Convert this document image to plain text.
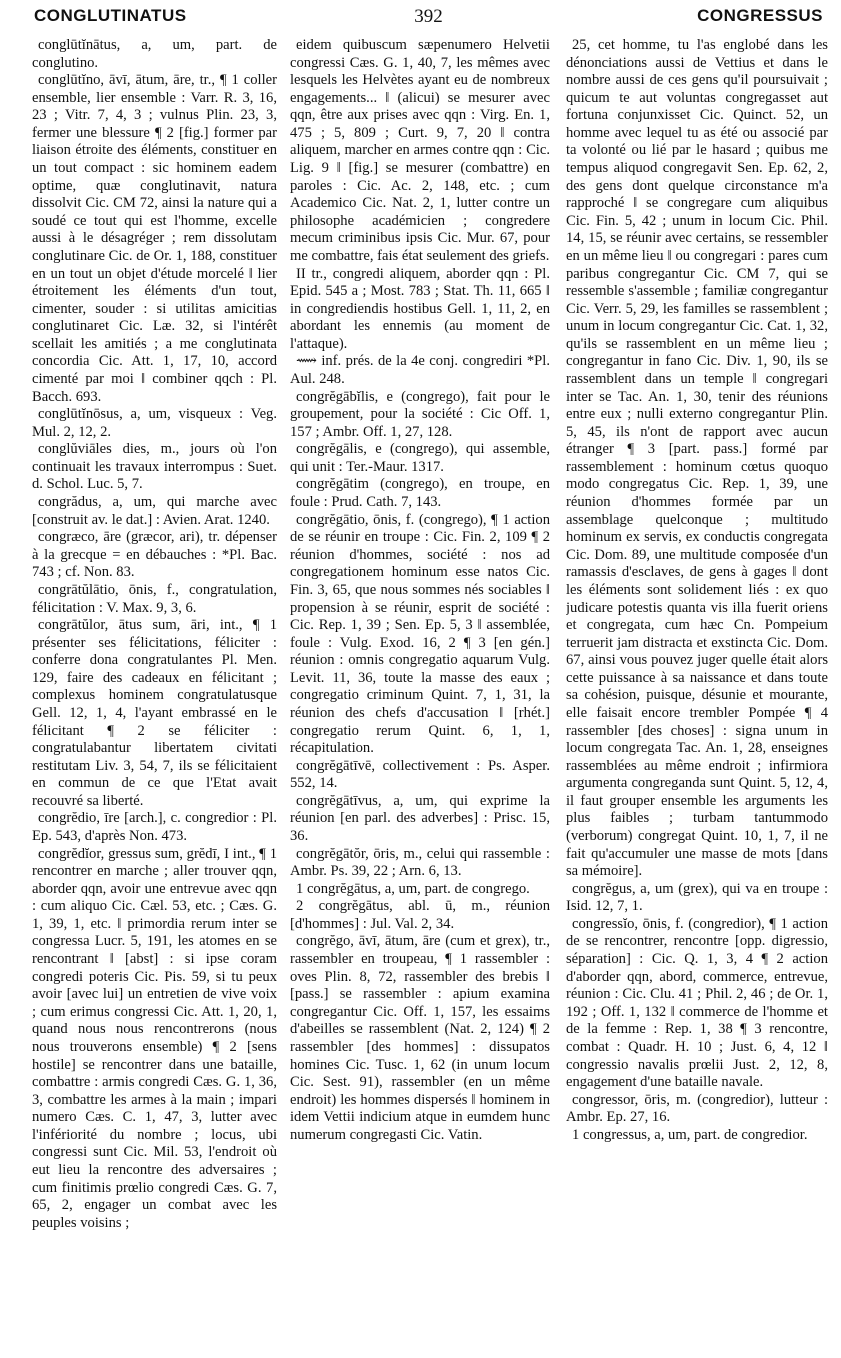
CONGLUTINATUS	392	CONGRESSUS

conglūtĭnātus, a, um, part. de conglutino.

conglūtĭno, āvī, ātum, āre, tr., ¶ 1 coller ensemble, lier ensemble : Varr. R. 3, 16, 23 ; Vitr. 7, 4, 3 ; vulnus Plin. 23, 3, fermer une blessure ¶ 2 [fig.] former par liaison étroite des éléments, constituer en un tout compact : sic hominem eadem optime, quæ conglutinavit, natura dissolvit Cic. CM 72, ainsi la nature qui a soudé ce tout qui est l'homme, excelle aussi à le désagréger ; rem dissolutam conglutinare Cic. de Or. 1, 188, constituer en un tout un objet d'étude morcelé ‖ lier étroitement les éléments d'un tout, cimenter, souder : si utilitas amicitias conglutinaret Cic. Læ. 32, si l'intérêt scellait les amitiés ; a me conglutinata concordia Cic. Att. 1, 17, 10, accord cimenté par moi ‖ combiner qqch : Pl. Bacch. 693.

conglūtĭnōsus, a, um, visqueux : Veg. Mul. 2, 12, 2.

conglŭviāles dies, m., jours où l'on continuait les travaux interrompus : Suet. d. Schol. Luc. 5, 7.

congrădus, a, um, qui marche avec [construit av. le dat.] : Avien. Arat. 1240.

congræco, āre (græcor, ari), tr. dépenser à la grecque = en débauches : *Pl. Bac. 743 ; cf. Non. 83.

congrātŭlātio, ōnis, f., congratulation, félicitation : V. Max. 9, 3, 6.

congrātŭlor, ātus sum, āri, int., ¶ 1 présenter ses félicitations, féliciter : conferre dona congratulantes Pl. Men. 129, faire des cadeaux en félicitant ; complexus hominem congratulatusque Gell. 12, 1, 4, l'ayant embrassé en le félicitant ¶ 2 se féliciter : congratulabantur libertatem civitati restitutam Liv. 3, 54, 7, ils se félicitaient en commun de ce que l'Etat avait recouvré sa liberté.

congrĕdio, īre [arch.], c. congredior : Pl. Ep. 543, d'après Non. 473.

congrĕdĭor, gressus sum, grĕdī, I int., ¶ 1 rencontrer en marche ; aller trouver qqn, aborder qqn, avoir une entrevue avec qqn : cum aliquo Cic. Cæl. 53, etc. ; Cæs. G. 1, 39, 1, etc. ‖ primordia rerum inter se congressa Lucr. 5, 191, les atomes en se rencontrant ‖ [abst] : si ipse coram congredi poteris Cic. Pis. 59, si tu peux avoir [avec lui] un entretien de vive voix ; cum erimus congressi Cic. Att. 1, 20, 1, quand nous nous rencontrerons (nous nous trouverons ensemble) ¶ 2 [sens hostile] se rencontrer dans une bataille, combattre : armis congredi Cæs. G. 1, 36, 3, combattre les armes à la main ; impari numero Cæs. C. 1, 47, 3, lutter avec l'infériorité du nombre ; locus, ubi congressi sunt Cic. Mil. 53, l'endroit où eut lieu la rencontre des adversaires ; cum finitimis prœlio congredi Cæs. G. 7, 65, 2, engager un combat avec les peuples voisins ;

eidem quibuscum sæpenumero Helvetii congressi Cæs. G. 1, 40, 7, les mêmes avec lesquels les Helvètes ayant eu de nombreux engagements... ‖ (alicui) se mesurer avec qqn, être aux prises avec qqn : Virg. En. 1, 475 ; 5, 809 ; Curt. 9, 7, 20 ‖ contra aliquem, marcher en armes contre qqn : Cic. Lig. 9 ‖ [fig.] se mesurer (combattre) en paroles : Cic. Ac. 2, 148, etc. ; cum Academico Cic. Nat. 2, 1, lutter contre un philosophe académicien ; congredere mecum criminibus ipsis Cic. Mur. 67, pour me combattre, fais état seulement des griefs.

II tr., congredi aliquem, aborder qqn : Pl. Epid. 545 a ; Most. 783 ; Stat. Th. 11, 665 ‖ in congrediendis hostibus Gell. 1, 11, 2, en abordant les ennemis (au moment de l'attaque).

⟿ inf. prés. de la 4e conj. congrediri *Pl. Aul. 248.

congrĕgābĭlis, e (congrego), fait pour le groupement, pour la société : Cic Off. 1, 157 ; Ambr. Off. 1, 27, 128.

congrĕgālis, e (congrego), qui assemble, qui unit : Ter.-Maur. 1317.

congrĕgātim (congrego), en troupe, en foule : Prud. Cath. 7, 143.

congrĕgātio, ōnis, f. (congrego), ¶ 1 action de se réunir en troupe : Cic. Fin. 2, 109 ¶ 2 réunion d'hommes, société : nos ad congregationem hominum esse natos Cic. Fin. 3, 65, que nous sommes nés sociables ‖ propension à se réunir, esprit de société : Cic. Rep. 1, 39 ; Sen. Ep. 5, 3 ‖ assemblée, foule : Vulg. Exod. 16, 2 ¶ 3 [en gén.] réunion : omnis congregatio aquarum Vulg. Levit. 11, 36, toute la masse des eaux ; congregatio criminum Quint. 7, 1, 31, la réunion des chefs d'accusation ‖ [rhét.] congregatio rerum Quint. 6, 1, 1, récapitulation.

congrĕgātīvē, collectivement : Ps. Asper. 552, 14.

congrĕgātīvus, a, um, qui exprime la réunion [en parl. des adverbes] : Prisc. 15, 36.

congrĕgātŏr, ōris, m., celui qui rassemble : Ambr. Ps. 39, 22 ; Arn. 6, 13.

1 congrĕgātus, a, um, part. de congrego.

2 congrĕgātus, abl. ū, m., réunion [d'hommes] : Jul. Val. 2, 34.

congrĕgo, āvī, ātum, āre (cum et grex), tr., rassembler en troupeau, ¶ 1 rassembler : oves Plin. 8, 72, rassembler des brebis ‖ [pass.] se rassembler : apium examina congregantur Cic. Off. 1, 157, les essaims d'abeilles se rassemblent (Nat. 2, 124) ¶ 2 rassembler [des hommes] : dissupatos homines Cic. Tusc. 1, 62 (in unum locum Cic. Sest. 91), rassembler (en un même endroit) les hommes dispersés ‖ hominem in idem Vettii indicium atque in eumdem hunc numerum congregasti Cic. Vatin.

25, cet homme, tu l'as englobé dans les dénonciations aussi de Vettius et dans le nombre aussi de ces gens qu'il poursuivait ; quicum te aut voluntas congregasset aut fortuna conjunxisset Cic. Quinct. 52, un homme avec lequel tu as été ou associé par ta volonté ou lié par le hasard ; quibus me tempus aliquod congregavit Sen. Ep. 62, 2, des gens dont quelque circonstance m'a rapproché ‖ se congregare cum aliquibus Cic. Fin. 5, 42 ; unum in locum Cic. Phil. 14, 15, se réunir avec certains, se ressembler en un même lieu ‖ ou congregari : pares cum paribus congregantur Cic. CM 7, qui se ressemble s'assemble ; familiæ congregantur Cic. Verr. 5, 29, les familles se rassemblent ; unum in locum congregantur Cic. Cat. 1, 32, qu'ils se rassemblent en un même lieu ; congregantur in fano Cic. Div. 1, 90, ils se rassemblent dans un temple ‖ congregari inter se Tac. An. 1, 30, tenir des réunions entre eux ; nulli externo congregantur Plin. 5, 45, ils n'ont de rapport avec aucun étranger ¶ 3 [part. pass.] formé par rassemblement : hominum cœtus quoquo modo congregatus Cic. Rep. 1, 39, une réunion d'hommes formée par un assemblage quelconque ; multitudo hominum ex servis, ex conductis congregata Cic. Dom. 89, une multitude composée d'un ramassis d'esclaves, de gens à gages ‖ dont les éléments sont solidement liés : ex quo judicare potestis quanta vis illa fuerit oriens et congregata, cum hæc Cn. Pompeium terruerit jam distracta et exstincta Cic. Dom. 67, ainsi vous pouvez juger quelle était alors cette puissance à sa naissance et dans toute sa cohésion, puisque, désunie et mourante, elle faisait encore trembler Pompée ¶ 4 rassembler [des choses] : signa unum in locum congregata Tac. An. 1, 28, enseignes rassemblées au même endroit ; infirmiora argumenta congreganda sunt Quint. 5, 12, 4, il faut grouper ensemble les arguments les plus faibles ; turbam tantummodo (verborum) congregat Quint. 10, 1, 7, il ne fait qu'accumuler une masse de mots [dans sa mémoire].

congrĕgus, a, um (grex), qui va en troupe : Isid. 12, 7, 1.

congressĭo, ōnis, f. (congredior), ¶ 1 action de se rencontrer, rencontre [opp. digressio, séparation] : Cic. Q. 1, 3, 4 ¶ 2 action d'aborder qqn, abord, commerce, entrevue, réunion : Cic. Clu. 41 ; Phil. 2, 46 ; de Or. 1, 192 ; Off. 1, 132 ‖ commerce de l'homme et de la femme : Rep. 1, 38 ¶ 3 rencontre, combat : Quadr. H. 10 ; Just. 6, 4, 12 ‖ congressio navalis prœlii Just. 2, 12, 8, engagement d'une bataille navale.

congressor, ōris, m. (congredior), lutteur : Ambr. Ep. 27, 16.

1 congressus, a, um, part. de congredior.
